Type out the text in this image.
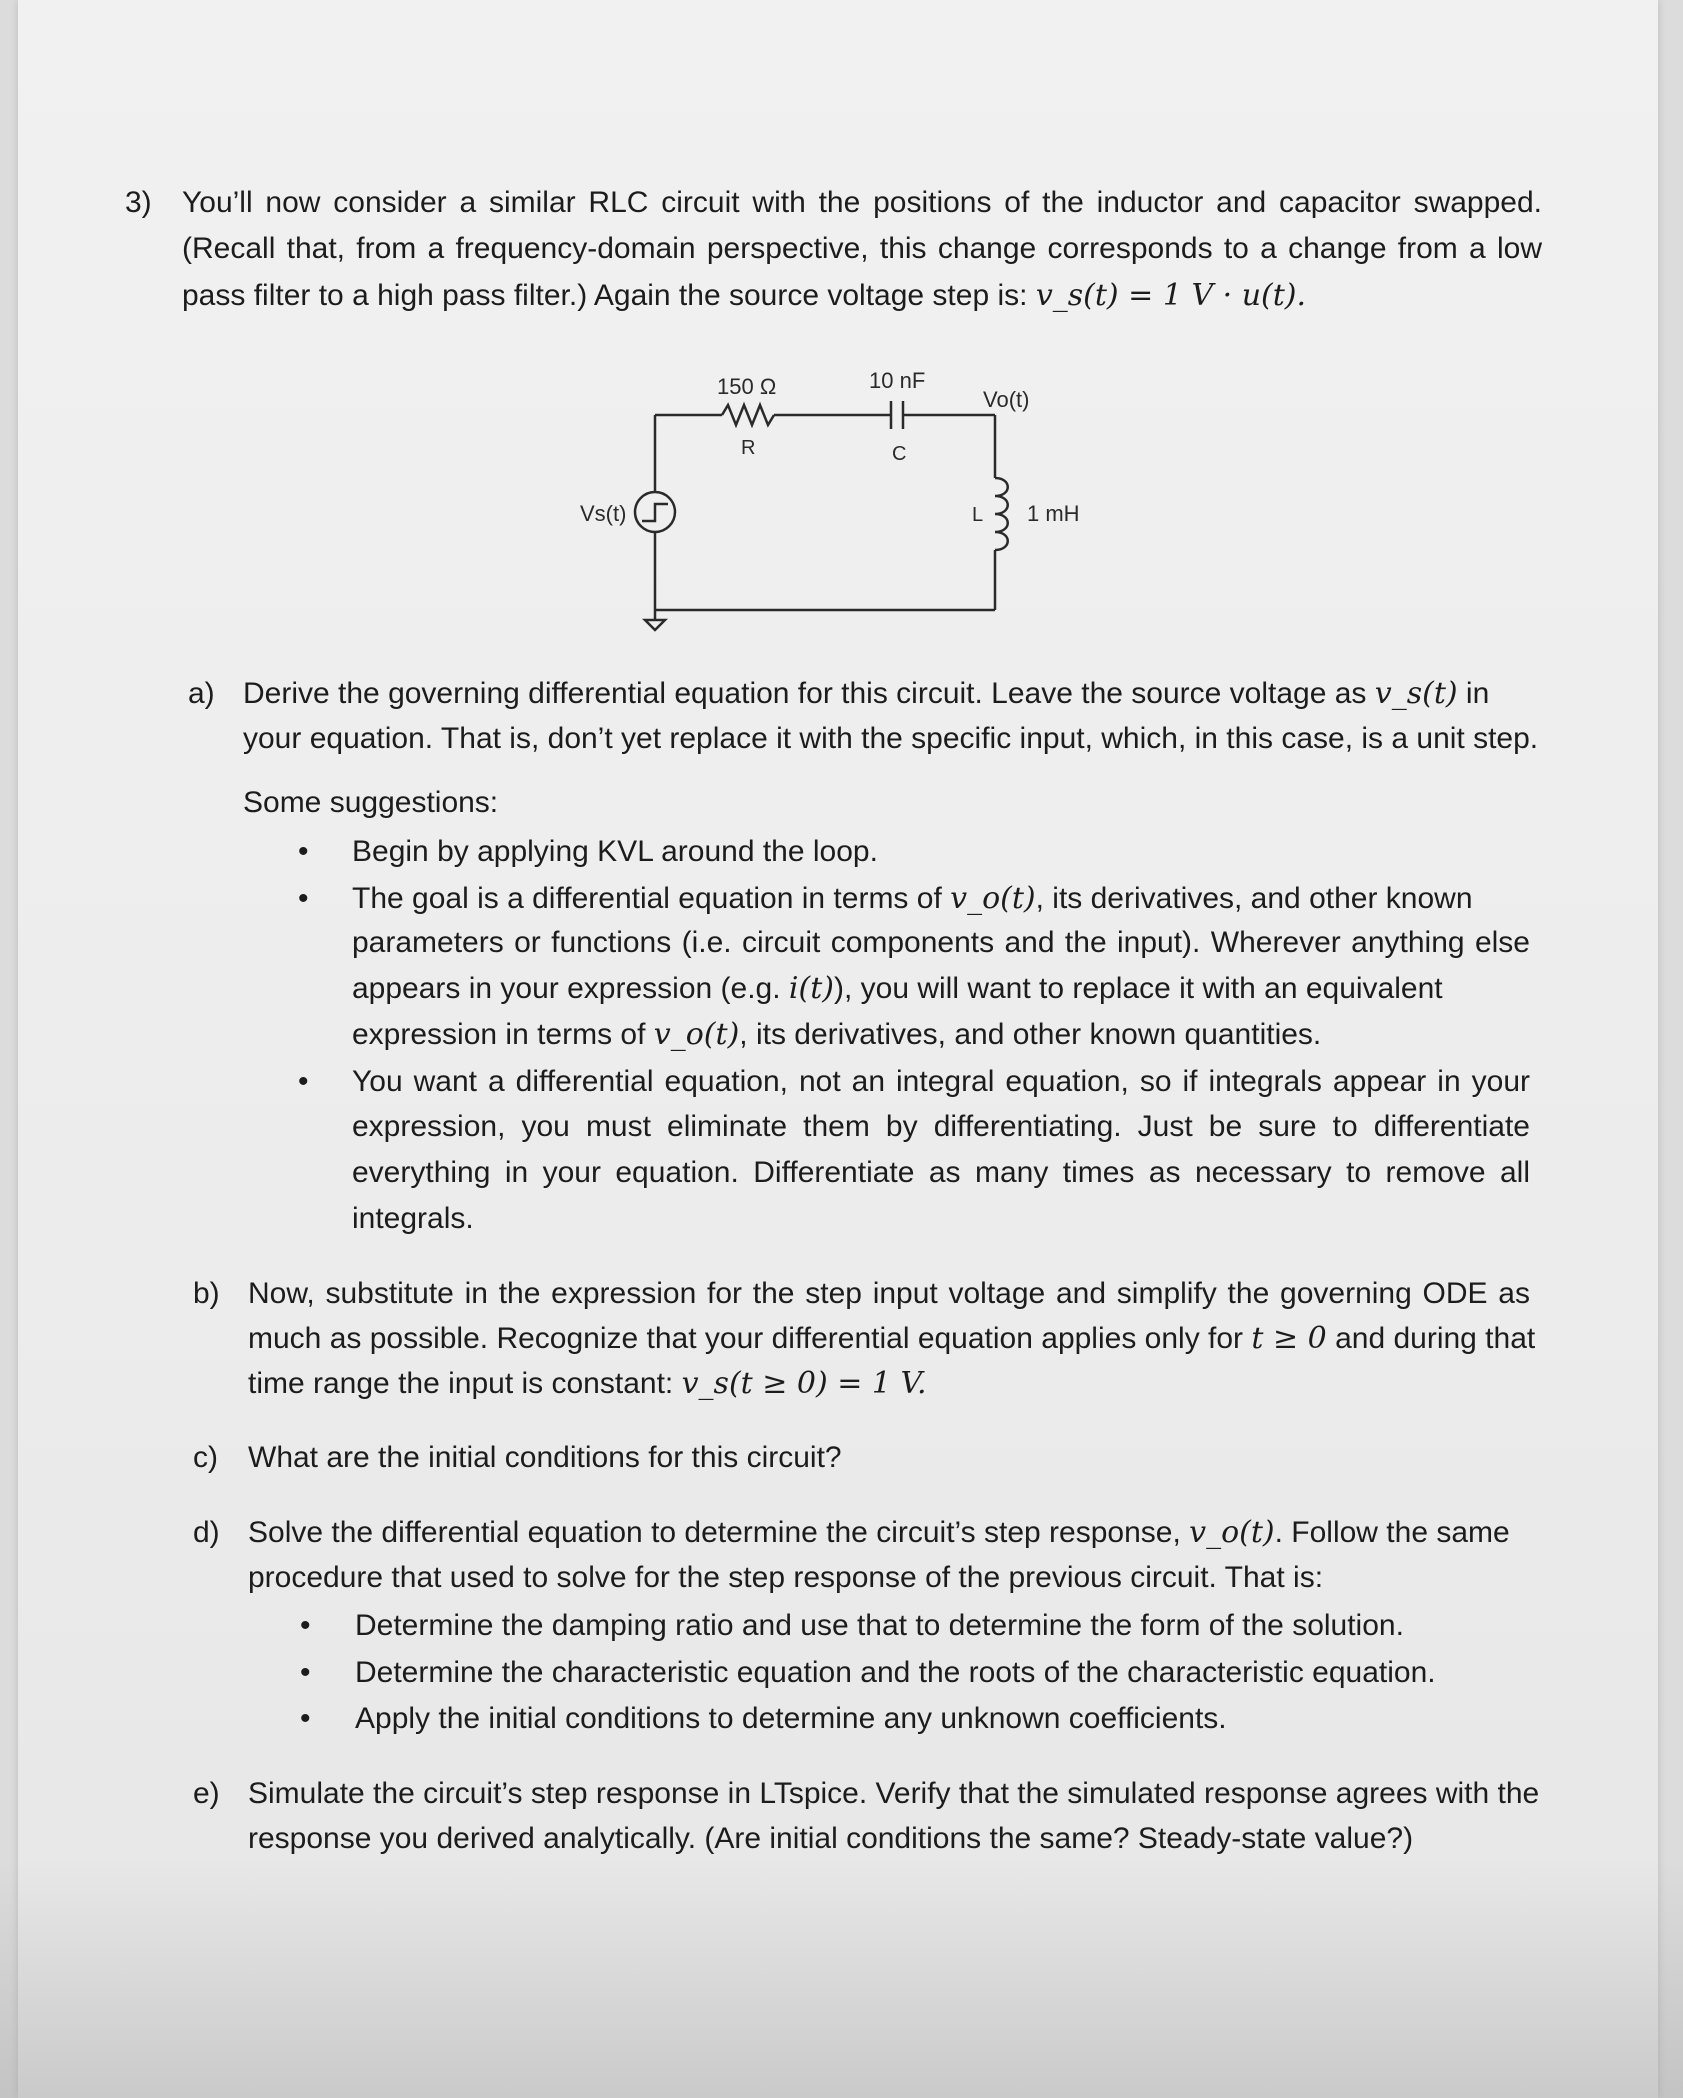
3) You’ll now consider a similar RLC circuit with the positions of the inductor and capacitor swapped.
(Recall that, from a frequency-domain perspective, this change corresponds to a change from a low
pass filter to a high pass filter.) Again the source voltage step is: v_s(t) = 1 V · u(t).
150 Ω
R
10 nF
C
Vo(t)
L 1 mH
Vs(t)
a) Derive the governing differential equation for this circuit. Leave the source voltage as v_s(t) in
your equation. That is, don’t yet replace it with the specific input, which, in this case, is a unit step.
Some suggestions:
• Begin by applying KVL around the loop.
• The goal is a differential equation in terms of v_o(t), its derivatives, and other known
parameters or functions (i.e. circuit components and the input). Wherever anything else
appears in your expression (e.g. i(t)), you will want to replace it with an equivalent
expression in terms of v_o(t), its derivatives, and other known quantities.
• You want a differential equation, not an integral equation, so if integrals appear in your
expression, you must eliminate them by differentiating. Just be sure to differentiate
everything in your equation. Differentiate as many times as necessary to remove all
integrals.
b) Now, substitute in the expression for the step input voltage and simplify the governing ODE as
much as possible. Recognize that your differential equation applies only for t ≥ 0 and during that
time range the input is constant: v_s(t ≥ 0) = 1 V.
c) What are the initial conditions for this circuit?
d) Solve the differential equation to determine the circuit’s step response, v_o(t). Follow the same
procedure that used to solve for the step response of the previous circuit. That is:
• Determine the damping ratio and use that to determine the form of the solution.
• Determine the characteristic equation and the roots of the characteristic equation.
• Apply the initial conditions to determine any unknown coefficients.
e) Simulate the circuit’s step response in LTspice. Verify that the simulated response agrees with the
response you derived analytically. (Are initial conditions the same? Steady-state value?)
